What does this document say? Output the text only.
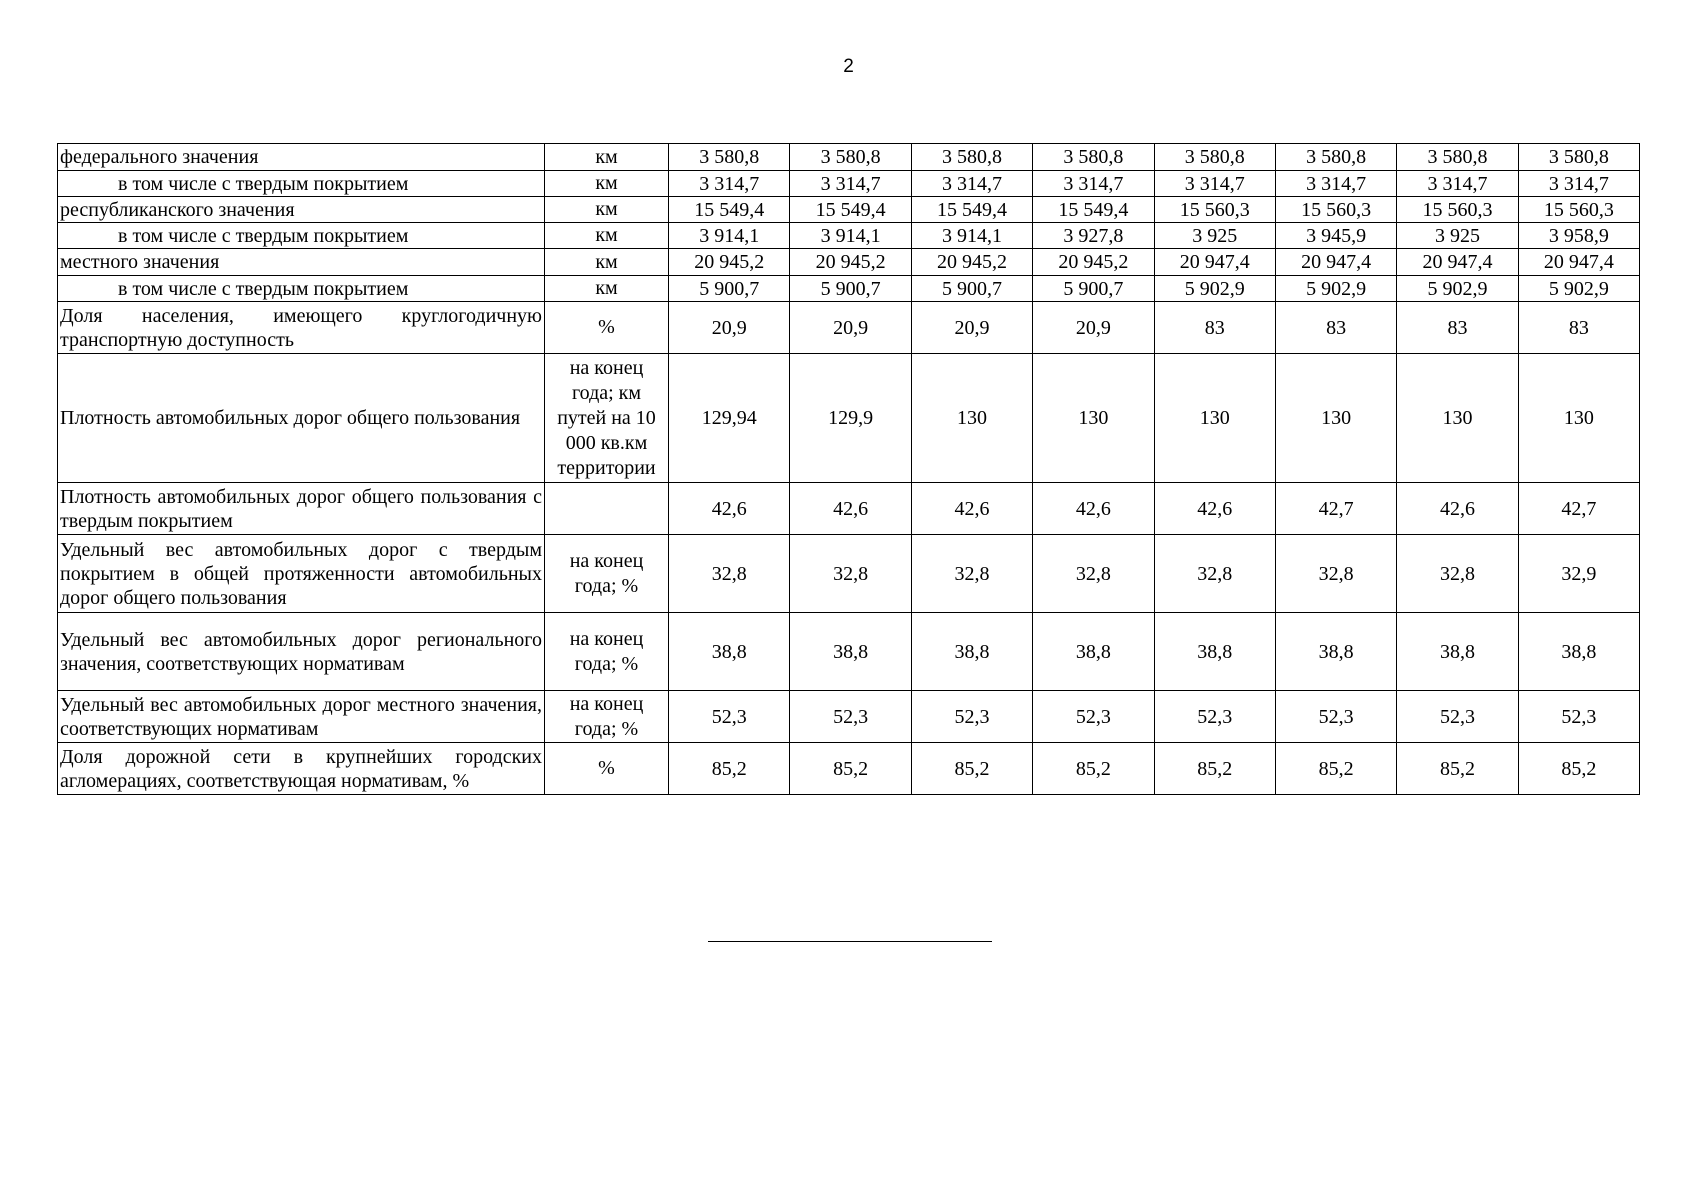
2
федерального значения	км	3 580,8	3 580,8	3 580,8	3 580,8	3 580,8	3 580,8	3 580,8	3 580,8
в том числе с твердым покрытием	км	3 314,7	3 314,7	3 314,7	3 314,7	3 314,7	3 314,7	3 314,7	3 314,7
республиканского значения	км	15 549,4	15 549,4	15 549,4	15 549,4	15 560,3	15 560,3	15 560,3	15 560,3
в том числе с твердым покрытием	км	3 914,1	3 914,1	3 914,1	3 927,8	3 925	3 945,9	3 925	3 958,9
местного значения	км	20 945,2	20 945,2	20 945,2	20 945,2	20 947,4	20 947,4	20 947,4	20 947,4
в том числе с твердым покрытием	км	5 900,7	5 900,7	5 900,7	5 900,7	5 902,9	5 902,9	5 902,9	5 902,9
Доля населения, имеющего круглогодичную транспортную доступность	%	20,9	20,9	20,9	20,9	83	83	83	83
Плотность автомобильных дорог общего пользования	на конец года; км путей на 10 000 кв.км территории	129,94	129,9	130	130	130	130	130	130
Плотность автомобильных дорог общего пользования с твердым покрытием		42,6	42,6	42,6	42,6	42,6	42,7	42,6	42,7
Удельный вес автомобильных дорог с твердым покрытием в общей протяженности автомобильных дорог общего пользования	на конец года; %	32,8	32,8	32,8	32,8	32,8	32,8	32,8	32,9
Удельный вес автомобильных дорог регионального значения, соответствующих нормативам	на конец года; %	38,8	38,8	38,8	38,8	38,8	38,8	38,8	38,8
Удельный вес автомобильных дорог местного значения, соответствующих нормативам	на конец года; %	52,3	52,3	52,3	52,3	52,3	52,3	52,3	52,3
Доля дорожной сети в крупнейших городских агломерациях, соответствующая нормативам, %	%	85,2	85,2	85,2	85,2	85,2	85,2	85,2	85,2
